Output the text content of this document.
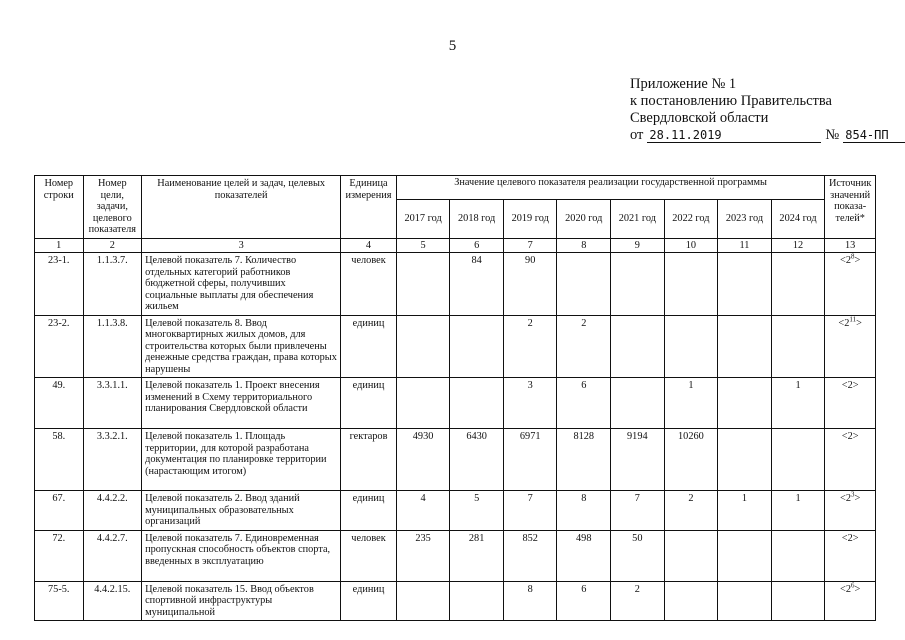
5
Приложение № 1
к постановлению Правительства
Свердловской области
от 28.11.2019	№ 854-ПП
Номер строки	Номер цели, задачи, целевого показателя	Наименование целей и задач, целевых показателей	Единица измерения	Значение целевого показателя реализации государственной программы								Источник значений показа- телей*
				2017 год	2018 год	2019 год	2020 год	2021 год	2022 год	2023 год	2024 год	
1	2	3	4	5	6	7	8	9	10	11	12	13
23-1.	1.1.3.7.	Целевой показатель 7. Количество отдельных категорий работников бюджетной сферы, получивших социальные выплаты для обеспечения жильем	человек		84	90						$<2^8>$
23-2.	1.1.3.8.	Целевой показатель 8. Ввод многоквартирных жилых домов, для строительства которых были привлечены денежные средства граждан, права которых нарушены	единиц			2	2					$<2^{11}>$
49.	3.3.1.1.	Целевой показатель 1. Проект внесения изменений в Схему территориального планирования Свердловской области	единиц			3	6		1		1	<2>
58.	3.3.2.1.	Целевой показатель 1. Площадь территории, для которой разработана документация по планировке территории (нарастающим итогом)	гектаров	4930	6430	6971	8128	9194	10260			<2>
67.	4.4.2.2.	Целевой показатель 2. Ввод зданий муниципальных образовательных организаций	единиц	4	5	7	8	7	2	1	1	$<2^3>$
72.	4.4.2.7.	Целевой показатель 7. Единовременная пропускная способность объектов спорта, введенных в эксплуатацию	человек	235	281	852	498	50				<2>
75-5.	4.4.2.15.	Целевой показатель 15. Ввод объектов спортивной инфраструктуры муниципальной	единиц			8	6	2				$<2^6>$
